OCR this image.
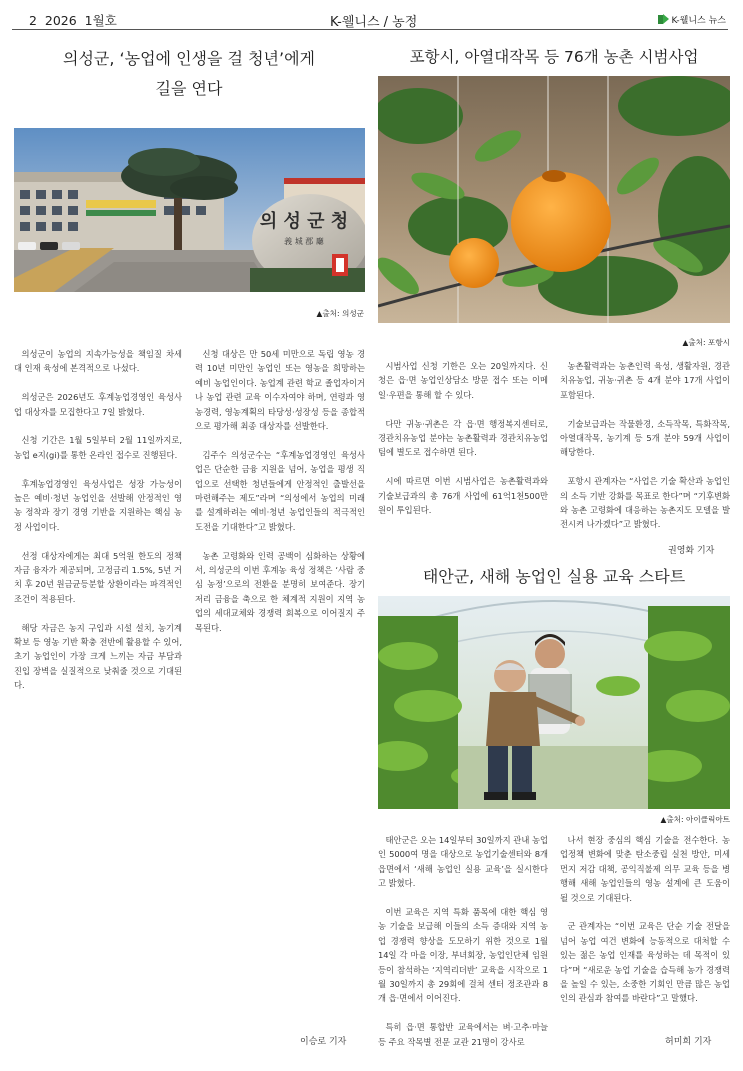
2 2026  1월호	K-웰니스 / 농정	K-웰니스 뉴스
의성군, ‘농업에 인생을 걸 청년’에게
길을 연다
의 성 군 청
義 城 郡 廳
▲출처: 의성군

의성군이 농업의 지속가능성을 책임질 차세대 인재 육성에 본격적으로 나섰다.

의성군은 2026년도 후계농업경영인 육성사업 대상자를 모집한다고 7일 밝혔다.

신청 기간은 1월 5일부터 2월 11일까지로, 농업 e지(gi)를 통한 온라인 접수로 진행된다.

후계농업경영인 육성사업은 성장 가능성이 높은 예비·청년 농업인을 선발해 안정적인 영농 정착과 장기 경영 기반을 지원하는 핵심 농정 사업이다.

선정 대상자에게는 최대 5억원 한도의 정책자금 융자가 제공되며, 고정금리 1.5%, 5년 거치 후 20년 원금균등분할 상환이라는 파격적인 조건이 적용된다.

해당 자금은 농지 구입과 시설 설치, 농기계 확보 등 영농 기반 확충 전반에 활용할 수 있어, 초기 농업인이 가장 크게 느끼는 자금 부담과 진입 장벽을 실질적으로 낮춰줄 것으로 기대된다.

신청 대상은 만 50세 미만으로 독립 영농 경력 10년 미만인 농업인 또는 영농을 희망하는 예비 농업인이다. 농업계 관련 학교 졸업자이거나 농업 관련 교육 이수자여야 하며, 연령과 영농경력, 영농계획의 타당성·성장성 등을 종합적으로 평가해 최종 대상자를 선발한다.

김주수 의성군수는 “후계농업경영인 육성사업은 단순한 금융 지원을 넘어, 농업을 평생 직업으로 선택한 청년들에게 안정적인 출발선을 마련해주는 제도”라며 “의성에서 농업의 미래를 설계하려는 예비·청년 농업인들의 적극적인 도전을 기대한다”고 밝혔다.

농촌 고령화와 인력 공백이 심화하는 상황에서, 의성군의 이번 후계농 육성 정책은 ‘사람 중심 농정’으로의 전환을 분명히 보여준다. 장기저리 금융을 축으로 한 체계적 지원이 지역 농업의 세대교체와 경쟁력 회복으로 이어질지 주목된다.

이승로 기자
포항시, 아열대작목 등 76개 농촌 시범사업
▲출처: 포항시

시범사업 신청 기한은 오는 20일까지다. 신청은 읍·면 농업인상담소 방문 접수 또는 이메일·우편을 통해 할 수 있다.

다만 귀농·귀촌은 각 읍·면 행정복지센터로, 경관치유농업 분야는 농촌활력과 경관치유농업팀에 별도로 접수하면 된다.

시에 따르면 이번 시범사업은 농촌활력과와 기술보급과의 총 76개 사업에 61억1천500만원이 투입된다.

농촌활력과는 농촌인력 육성, 생활자원, 경관치유농업, 귀농·귀촌 등 4개 분야 17개 사업이 포함된다.

기술보급과는 작물환경, 소득작목, 특화작목, 아열대작목, 농기계 등 5개 분야 59개 사업이 해당한다.

포항시 관계자는 “사업은 기술 확산과 농업인의 소득 기반 강화를 목표로 한다”며 “기후변화와 농촌 고령화에 대응하는 농촌지도 모델을 발전시켜 나가겠다”고 밝혔다.

권영화 기자
태안군, 새해 농업인 실용 교육 스타트
▲출처: 아이클릭아트

태안군은 오는 14일부터 30일까지 관내 농업인 5000여 명을 대상으로 농업기술센터와 8개 읍면에서 ‘새해 농업인 실용 교육’을 실시한다고 밝혔다.

이번 교육은 지역 특화 품목에 대한 핵심 영농 기술을 보급해 이들의 소득 증대와 지역 농업 경쟁력 향상을 도모하기 위한 것으로 1월 14일 각 마을 이장, 부녀회장, 농업인단체 임원 등이 참석하는 ‘지역리더반’ 교육을 시작으로 1월 30일까지 총 29회에 걸쳐 센터 정조관과 8개 읍·면에서 이어진다.

특히 읍·면 통합반 교육에서는 벼·고추·마늘 등 주요 작목별 전문 교관 21명이 강사로

나서 현장 중심의 핵심 기술을 전수한다. 농업정책 변화에 맞춘 탄소중립 실천 방안, 미세먼지 저감 대책, 공익직불제 의무 교육 등을 병행해 새해 농업인들의 영농 설계에 큰 도움이 될 것으로 기대된다.

군 관계자는 “이번 교육은 단순 기술 전달을 넘어 농업 여건 변화에 능동적으로 대처할 수 있는 젊은 농업 인재를 육성하는 데 목적이 있다”며 “새로운 농업 기술을 습득해 농가 경쟁력을 높일 수 있는, 소중한 기회인 만큼 많은 농업인의 관심과 참여를 바란다”고 말했다.

허미희 기자
